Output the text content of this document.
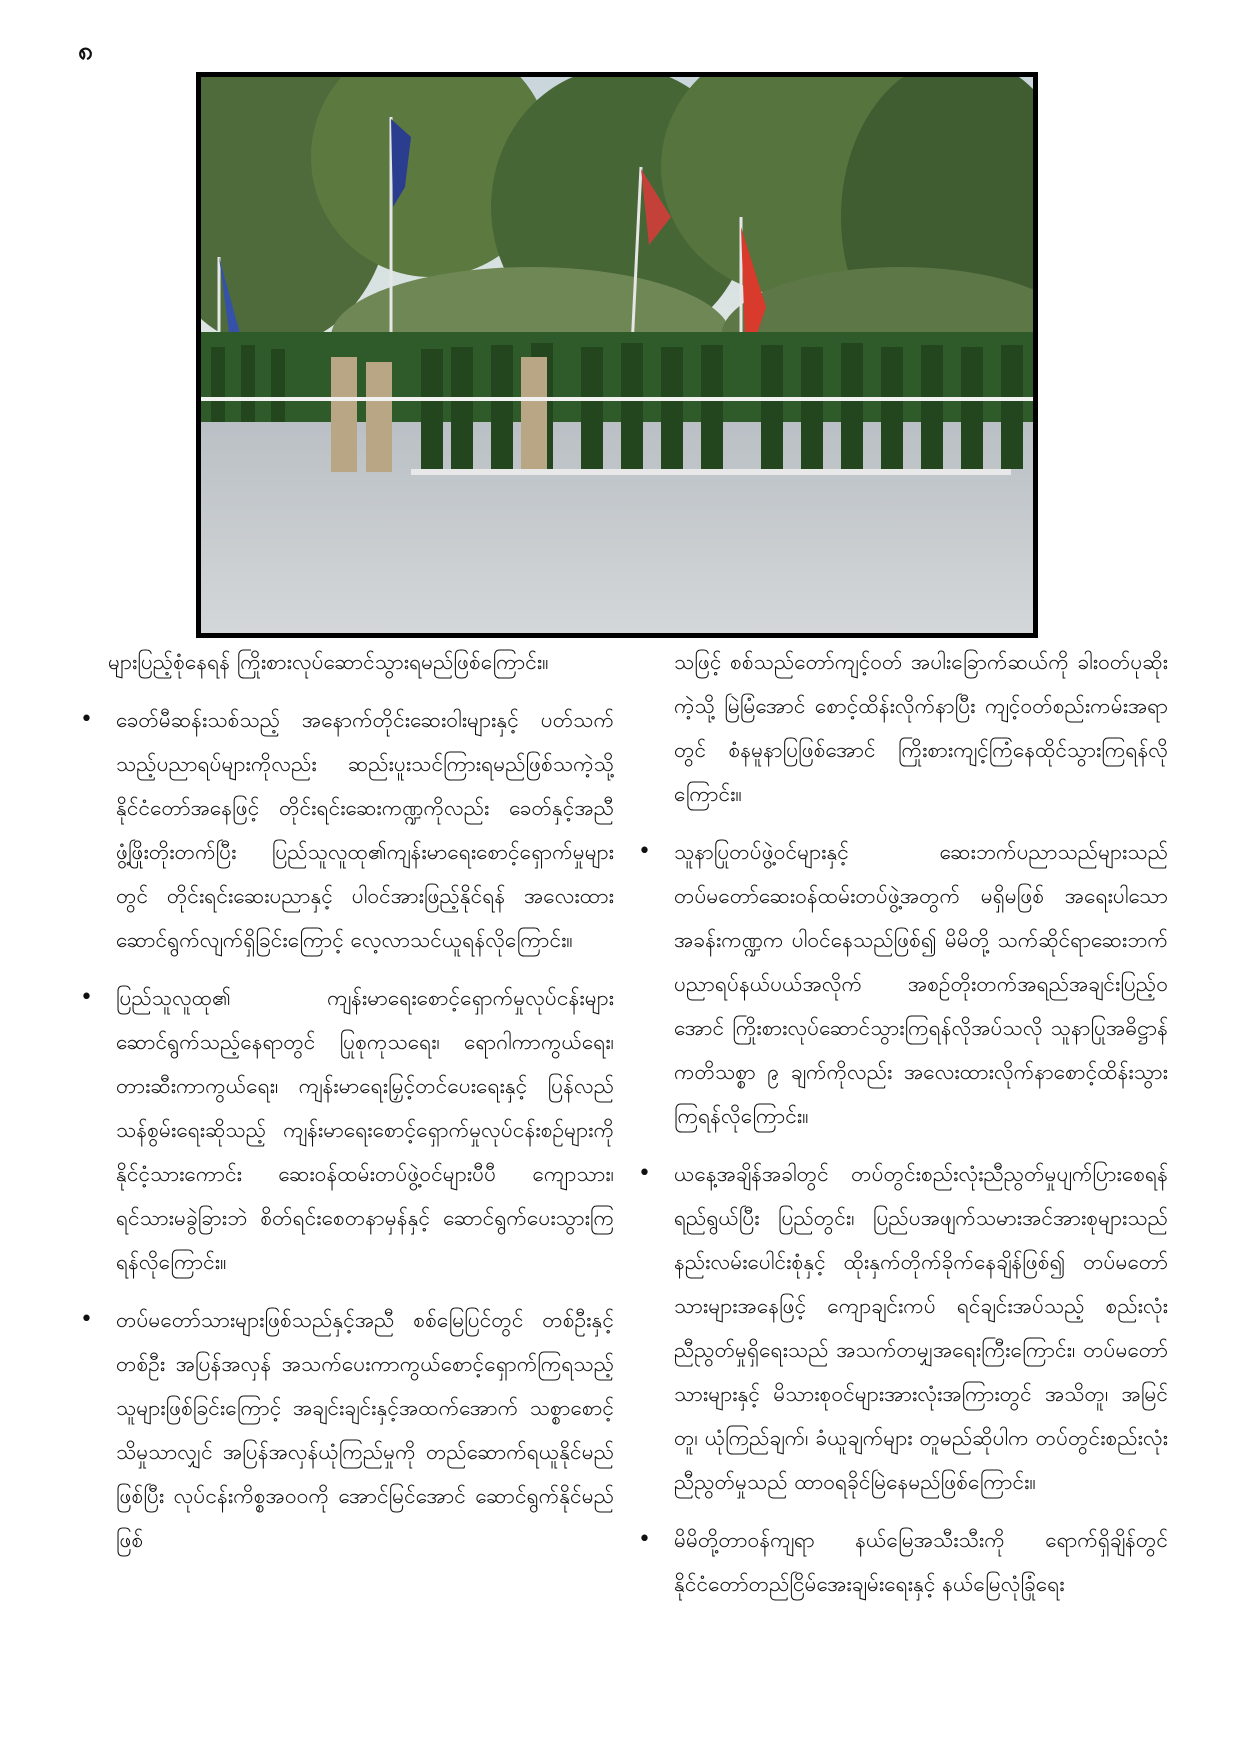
၈

များပြည့်စုံနေရန် ကြိုးစားလုပ်ဆောင်သွားရမည်ဖြစ်ကြောင်း။

• ခေတ်မီဆန်းသစ်သည့် အနောက်တိုင်းဆေးဝါးများနှင့် ပတ်သက်သည့်ပညာရပ်များကိုလည်း ဆည်းပူးသင်ကြားရမည်ဖြစ်သကဲ့သို့ နိုင်ငံတော်အနေဖြင့် တိုင်းရင်းဆေးကဏ္ဍကိုလည်း ခေတ်နှင့်အညီ ဖွံ့ဖြိုးတိုးတက်ပြီး ပြည်သူလူထု၏ကျန်းမာရေးစောင့်ရှောက်မှုများတွင် တိုင်းရင်းဆေးပညာနှင့် ပါဝင်အားဖြည့်နိုင်ရန် အလေးထားဆောင်ရွက်လျက်ရှိခြင်းကြောင့် လေ့လာသင်ယူရန်လိုကြောင်း။
• ပြည်သူလူထု၏ ကျန်းမာရေးစောင့်ရှောက်မှုလုပ်ငန်းများ ဆောင်ရွက်သည့်နေရာတွင် ပြုစုကုသရေး၊ ရောဂါကာကွယ်ရေး၊ တားဆီးကာကွယ်ရေး၊ ကျန်းမာရေးမြှင့်တင်ပေးရေးနှင့် ပြန်လည်သန်စွမ်းရေးဆိုသည့် ကျန်းမာရေးစောင့်ရှောက်မှုလုပ်ငန်းစဉ်များကို နိုင်ငံ့သားကောင်း ဆေးဝန်ထမ်းတပ်ဖွဲ့ဝင်များပီပီ ကျောသား၊ ရင်သားမခွဲခြားဘဲ စိတ်ရင်းစေတနာမှန်နှင့် ဆောင်ရွက်ပေးသွားကြရန်လိုကြောင်း။
• တပ်မတော်သားများဖြစ်သည်နှင့်အညီ စစ်မြေပြင်တွင် တစ်ဦးနှင့်တစ်ဦး အပြန်အလှန် အသက်ပေးကာကွယ်စောင့်ရှောက်ကြရသည့်သူများဖြစ်ခြင်းကြောင့် အချင်းချင်းနှင့်အထက်အောက် သစ္စာစောင့်သိမှုသာလျှင် အပြန်အလှန်ယုံကြည်မှုကို တည်ဆောက်ရယူနိုင်မည်ဖြစ်ပြီး လုပ်ငန်းကိစ္စအဝဝကို အောင်မြင်အောင် ဆောင်ရွက်နိုင်မည်ဖြစ်

သဖြင့် စစ်သည်တော်ကျင့်ဝတ် အပါးခြောက်ဆယ်ကို ခါးဝတ်ပုဆိုးကဲ့သို့ မြဲမြံအောင် စောင့်ထိန်းလိုက်နာပြီး ကျင့်ဝတ်စည်းကမ်းအရာတွင် စံနမူနာပြဖြစ်အောင် ကြိုးစားကျင့်ကြံနေထိုင်သွားကြရန်လိုကြောင်း။

• သူနာပြုတပ်ဖွဲ့ဝင်များနှင့် ဆေးဘက်ပညာသည်များသည် တပ်မတော်ဆေးဝန်ထမ်းတပ်ဖွဲ့အတွက် မရှိမဖြစ် အရေးပါသောအခန်းကဏ္ဍက ပါဝင်နေသည်ဖြစ်၍ မိမိတို့ သက်ဆိုင်ရာဆေးဘက်ပညာရပ်နယ်ပယ်အလိုက် အစဉ်တိုးတက်အရည်အချင်းပြည့်ဝအောင် ကြိုးစားလုပ်ဆောင်သွားကြရန်လိုအပ်သလို သူနာပြုအဓိဋ္ဌာန်ကတိသစ္စာ ၉ ချက်ကိုလည်း အလေးထားလိုက်နာစောင့်ထိန်းသွားကြရန်လိုကြောင်း။
• ယနေ့အချိန်အခါတွင် တပ်တွင်းစည်းလုံးညီညွတ်မှုပျက်ပြားစေရန်ရည်ရွယ်ပြီး ပြည်တွင်း၊ ပြည်ပအဖျက်သမားအင်အားစုများသည် နည်းလမ်းပေါင်းစုံနှင့် ထိုးနှက်တိုက်ခိုက်နေချိန်ဖြစ်၍ တပ်မတော်သားများအနေဖြင့် ကျောချင်းကပ် ရင်ချင်းအပ်သည့် စည်းလုံးညီညွတ်မှုရှိရေးသည် အသက်တမျှအရေးကြီးကြောင်း၊ တပ်မတော်သားများနှင့် မိသားစုဝင်များအားလုံးအကြားတွင် အသိတူ၊ အမြင်တူ၊ ယုံကြည်ချက်၊ ခံယူချက်များ တူမည်ဆိုပါက တပ်တွင်းစည်းလုံးညီညွတ်မှုသည် ထာဝရခိုင်မြဲနေမည်ဖြစ်ကြောင်း။
• မိမိတို့တာဝန်ကျရာ နယ်မြေအသီးသီးကို ရောက်ရှိချိန်တွင် နိုင်ငံတော်တည်ငြိမ်အေးချမ်းရေးနှင့် နယ်မြေလုံခြုံရေး
